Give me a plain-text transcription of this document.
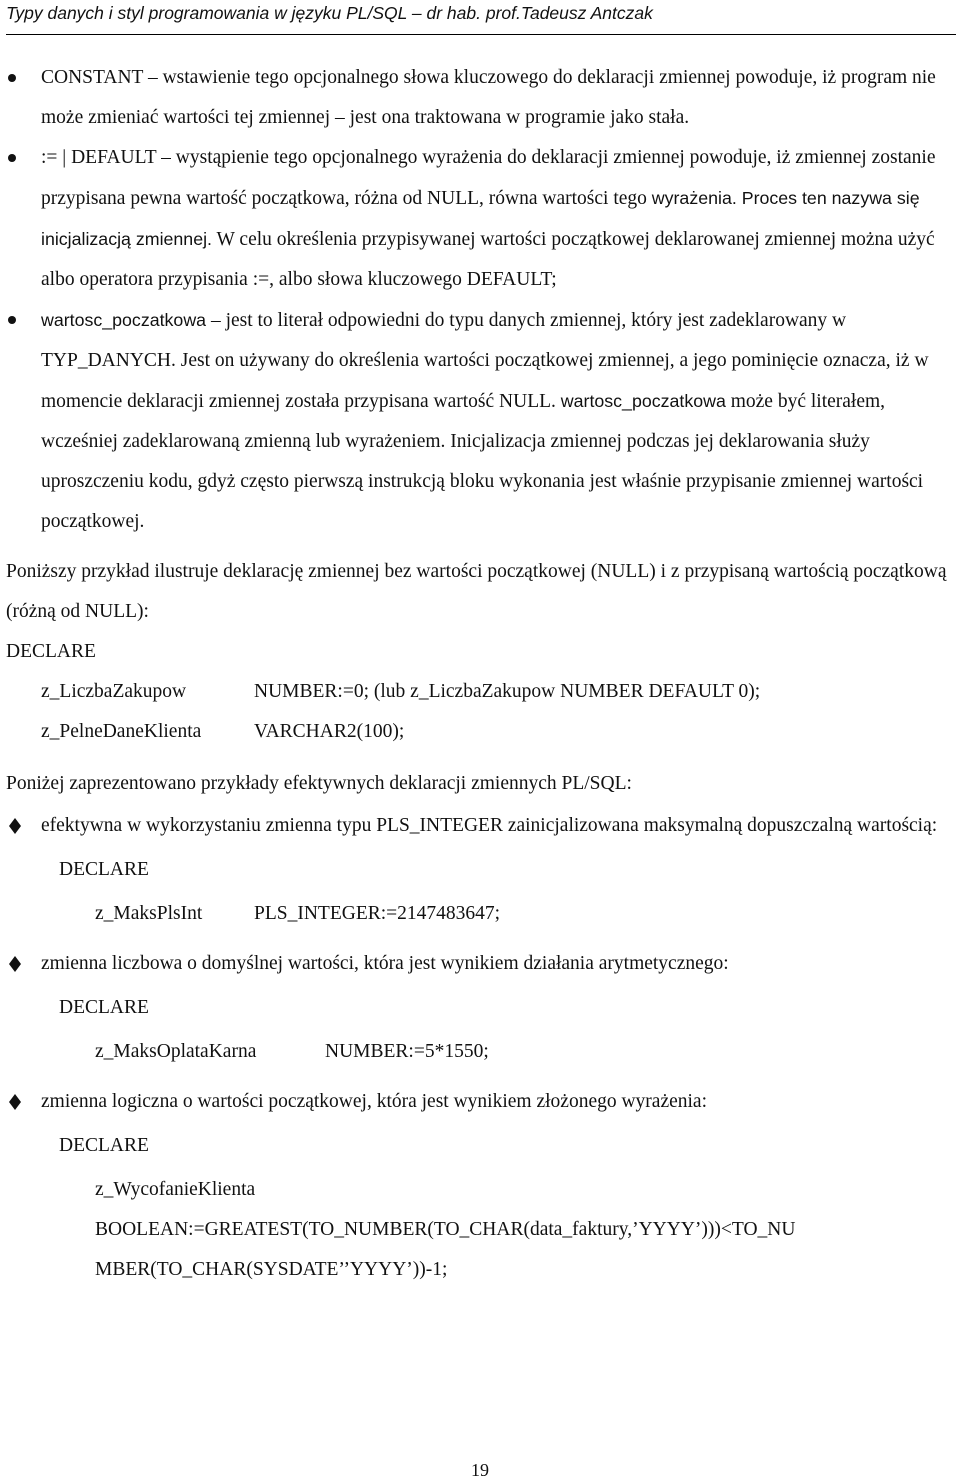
Typy danych i styl programowania w języku PL/SQL – dr hab. prof.Tadeusz Antczak
CONSTANT – wstawienie tego opcjonalnego słowa kluczowego do deklaracji zmiennej powoduje, iż program nie może zmieniać wartości tej zmiennej – jest ona traktowana w programie jako stała.
:= | DEFAULT – wystąpienie tego opcjonalnego wyrażenia do deklaracji zmiennej powoduje, iż zmiennej zostanie przypisana pewna wartość początkowa, różna od NULL, równa wartości tego wyrażenia. Proces ten nazywa się inicjalizacją zmiennej. W celu określenia przypisywanej wartości początkowej deklarowanej zmiennej można użyć albo operatora przypisania :=, albo słowa kluczowego DEFAULT;
wartosc_poczatkowa – jest to literał odpowiedni do typu danych zmiennej, który jest zadeklarowany w TYP_DANYCH. Jest on używany do określenia wartości początkowej zmiennej, a jego pominięcie oznacza, iż w momencie deklaracji zmiennej została przypisana wartość NULL. wartosc_poczatkowa może być literałem, wcześniej zadeklarowaną zmienną lub wyrażeniem. Inicjalizacja zmiennej podczas jej deklarowania służy uproszczeniu kodu, gdyż często pierwszą instrukcją bloku wykonania jest właśnie przypisanie zmiennej wartości początkowej.
Poniższy przykład ilustruje deklarację zmiennej bez wartości początkowej (NULL) i z przypisaną wartością początkową (różną od NULL):
DECLARE
z_LiczbaZakupow	NUMBER:=0; (lub z_LiczbaZakupow NUMBER DEFAULT 0);
z_PelneDaneKlienta	VARCHAR2(100);
Poniżej zaprezentowano przykłady efektywnych deklaracji zmiennych PL/SQL:
efektywna w wykorzystaniu zmienna typu PLS_INTEGER zainicjalizowana maksymalną dopuszczalną wartością:
DECLARE
z_MaksPlsInt	PLS_INTEGER:=2147483647;
zmienna liczbowa o domyślnej wartości, która jest wynikiem działania arytmetycznego:
DECLARE
z_MaksOplataKarna	NUMBER:=5*1550;
zmienna logiczna o wartości początkowej, która jest wynikiem złożonego wyrażenia:
DECLARE
z_WycofanieKlienta
BOOLEAN:=GREATEST(TO_NUMBER(TO_CHAR(data_faktury,’YYYY’)))<TO_NU
MBER(TO_CHAR(SYSDATE’’YYYY’))-1;
19
